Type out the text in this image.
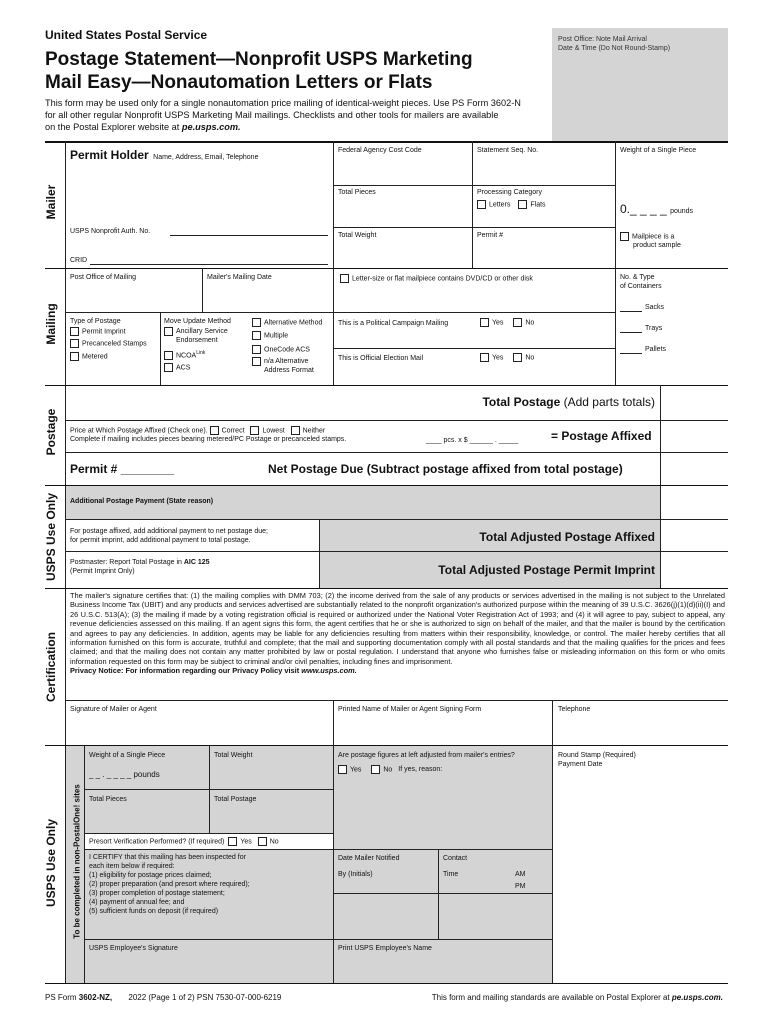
United States Postal Service
Postage Statement—Nonprofit USPS Marketing
Mail Easy—Nonautomation Letters or Flats
This form may be used only for a single nonautomation price mailing of identical-weight pieces. Use PS Form 3602-N
for all other regular Nonprofit USPS Marketing Mail mailings. Checklists and other tools for mailers are available
on the Postal Explorer website at pe.usps.com.
Post Office: Note Mail Arrival
Date & Time (Do Not Round-Stamp)
Mailer
Mailing
Postage
USPS Use Only
Certification
USPS Use Only
Permit Holder Name, Address, Email, Telephone
USPS Nonprofit Auth. No.
CRID
Federal Agency Cost Code	Statement Seq. No.	Weight of a Single Piece
Total Pieces	Processing Category
Letters	Flats	0._ _ _ _ pounds
Total Weight	Permit #	Mailpiece is a
product sample
Post Office of Mailing	Mailer's Mailing Date	Letter-size or flat mailpiece contains DVD/CD or other disk	No. & Type
of Containers
Sacks
Trays
Pallets
Type of Postage
Permit Imprint
Precanceled Stamps
Metered
Move Update Method
Ancillary Service
Endorsement
$NCOA^{Link}$
ACS
Alternative Method
Multiple
OneCode ACS
n/a Alternative
Address Format
This is a Political Campaign Mailing	Yes	No
This is Official Election Mail	Yes	No
Total Postage (Add parts totals)
Price at Which Postage Affixed (Check one). Correct	Lowest	Neither
Complete if mailing includes pieces bearing metered/PC Postage or precanceled stamps.	____ pcs. x $ ______ . _____	= Postage Affixed
Permit # ________	Net Postage Due (Subtract postage affixed from total postage)
Additional Postage Payment (State reason)
For postage affixed, add additional payment to net postage due;
for permit imprint, add additional payment to total postage.	Total Adjusted Postage Affixed
Postmaster: Report Total Postage in AIC 125
(Permit Imprint Only)	Total Adjusted Postage Permit Imprint
The mailer's signature certifies that: (1) the mailing complies with DMM 703; (2) the income derived from the sale of any products or services advertised in the mailing is not subject to the Unrelated Business Income Tax (UBIT) and any products and services advertised are substantially related to the nonprofit organization's authorized purpose within the meaning of 39 U.S.C. 3626(j)(1)(d)(ii)(I) and 26 U.S.C. 513(A); (3) the mailing if made by a voting registration official is required or authorized under the National Voter Registration Act of 1993; and (4) it will agree to pay, subject to appeal, any revenue deficiencies assessed on this mailing. If an agent signs this form, the agent certifies that he or she is authorized to sign on behalf of the mailer, and that the mailer is bound by the certification and agrees to pay any deficiencies. In addition, agents may be liable for any deficiencies resulting from matters within their responsibility, knowledge, or control. The mailer hereby certifies that all information furnished on this form is accurate, truthful and complete; that the mail and supporting documentation comply with all postal standards and that the mailing qualifies for the prices and fees claimed; and that the mailing does not contain any matter prohibited by law or postal regulation. I understand that anyone who furnishes false or misleading information on this form or who omits information requested on this form may be subject to criminal and/or civil penalties, including fines and imprisonment.
Privacy Notice: For information regarding our Privacy Policy visit www.usps.com.
Signature of Mailer or Agent	Printed Name of Mailer or Agent Signing Form	Telephone
To be completed in non-PostalOne! sites
Weight of a Single Piece
_ _ . _ _ _ _ pounds
Total Weight	Are postage figures at left adjusted from mailer's entries?
Yes	No If yes, reason:
Round Stamp (Required)
Payment Date
Total Pieces	Total Postage
Presort Verification Performed? (If required) Yes	No
I CERTIFY that this mailing has been inspected for
each item below if required:
(1) eligibility for postage prices claimed;
(2) proper preparation (and presort where required);
(3) proper completion of postage statement;
(4) payment of annual fee; and
(5) sufficient funds on deposit (if required)
Date Mailer Notified	Contact
By (Initials)	Time	AM
PM
USPS Employee's Signature	Print USPS Employee's Name
PS Form 3602-NZ, 2022 (Page 1 of 2) PSN 7530-07-000-6219	This form and mailing standards are available on Postal Explorer at pe.usps.com.
